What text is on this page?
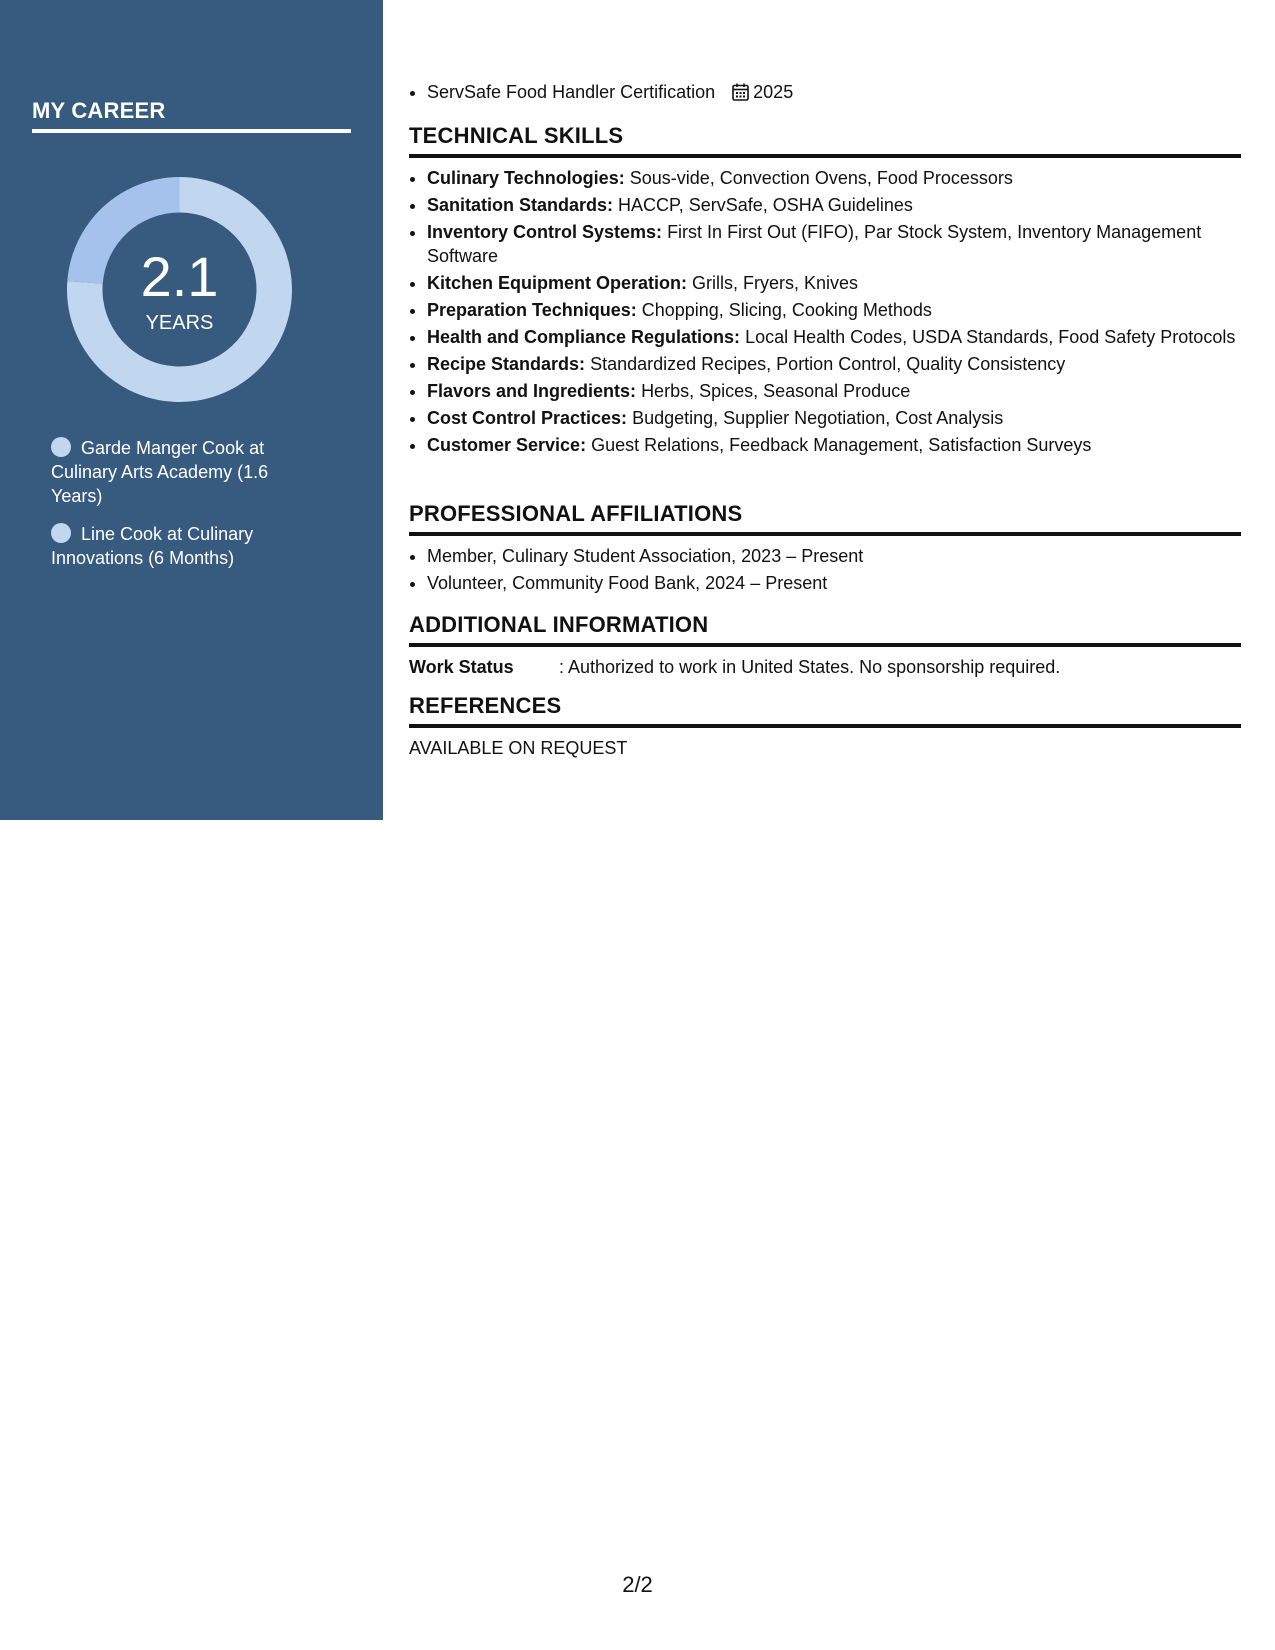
MY CAREER
2.1
YEARS
Garde Manger Cook at Culinary Arts Academy (1.6 Years)
Line Cook at Culinary Innovations (6 Months)
• ServSafe Food Handler Certification 2025
TECHNICAL SKILLS
• Culinary Technologies: Sous-vide, Convection Ovens, Food Processors
• Sanitation Standards: HACCP, ServSafe, OSHA Guidelines
• Inventory Control Systems: First In First Out (FIFO), Par Stock System, Inventory Management Software
• Kitchen Equipment Operation: Grills, Fryers, Knives
• Preparation Techniques: Chopping, Slicing, Cooking Methods
• Health and Compliance Regulations: Local Health Codes, USDA Standards, Food Safety Protocols
• Recipe Standards: Standardized Recipes, Portion Control, Quality Consistency
• Flavors and Ingredients: Herbs, Spices, Seasonal Produce
• Cost Control Practices: Budgeting, Supplier Negotiation, Cost Analysis
• Customer Service: Guest Relations, Feedback Management, Satisfaction Surveys
PROFESSIONAL AFFILIATIONS
• Member, Culinary Student Association, 2023 – Present
• Volunteer, Community Food Bank, 2024 – Present
ADDITIONAL INFORMATION
Work Status	: Authorized to work in United States. No sponsorship required.
REFERENCES
AVAILABLE ON REQUEST
2/2
